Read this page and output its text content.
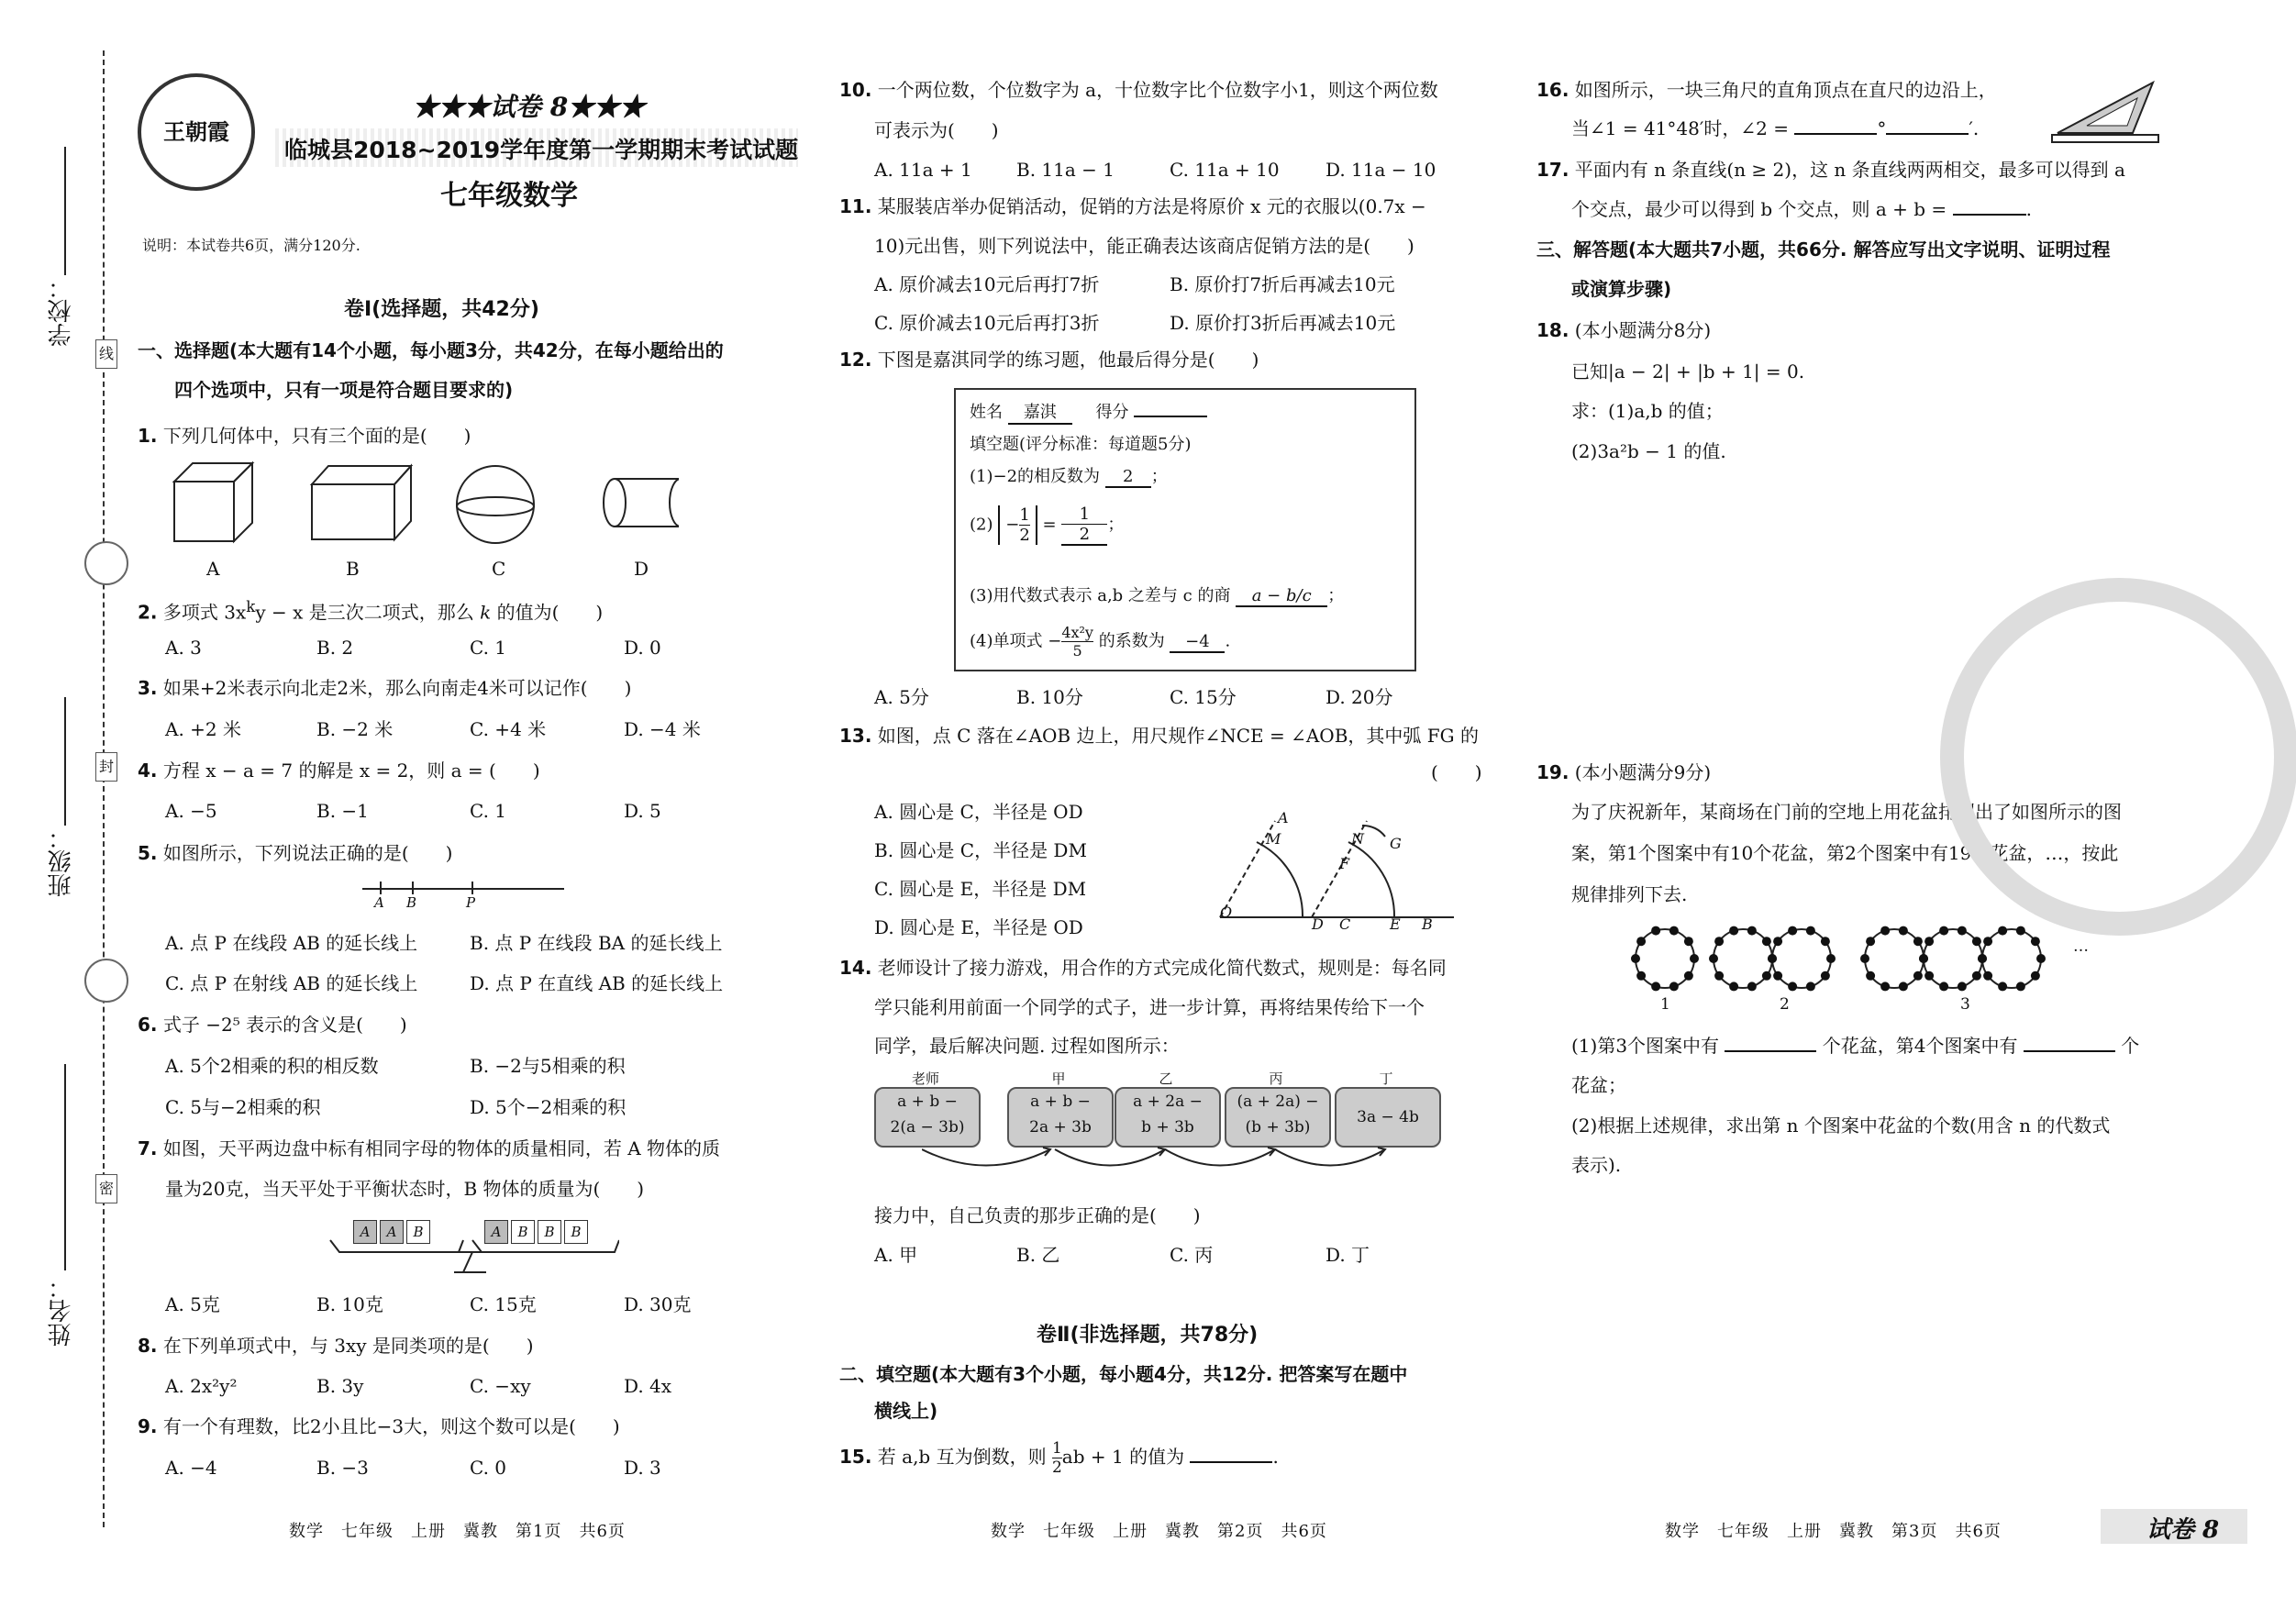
学校：
班级：
姓名：
线
封
密
王朝霞
★★★试卷 8★★★
临城县2018~2019学年度第一学期期末考试试题
七年级数学
说明：本试卷共6页，满分120分.
卷Ⅰ(选择题，共42分)
一、选择题(本大题有14个小题，每小题3分，共42分，在每小题给出的
四个选项中，只有一项是符合题目要求的)
1. 下列几何体中，只有三个面的是(　　)
A	B	C	D
2. 多项式 $3x^ky - x$ 是三次二项式，那么 k 的值为(　　)
A. 3	B. 2	C. 1	D. 0
3. 如果+2米表示向北走2米，那么向南走4米可以记作(　　)
A. +2 米	B. −2 米	C. +4 米	D. −4 米
4. 方程 x − a = 7 的解是 x = 2，则 a = (　　)
A. −5	B. −1	C. 1	D. 5
5. 如图所示，下列说法正确的是(　　)
A B	P
A. 点 P 在线段 AB 的延长线上	B. 点 P 在线段 BA 的延长线上
C. 点 P 在射线 AB 的延长线上	D. 点 P 在直线 AB 的延长线上
6. 式子 −2⁵ 表示的含义是(　　)
A. 5个2相乘的积的相反数	B. −2与5相乘的积
C. 5与−2相乘的积	D. 5个−2相乘的积
7. 如图，天平两边盘中标有相同字母的物体的质量相同，若 A 物体的质
量为20克，当天平处于平衡状态时，B 物体的质量为(　　)
A	A	B	A	B	B	B
A. 5克	B. 10克	C. 15克	D. 30克
8. 在下列单项式中，与 3xy 是同类项的是(　　)
A. 2x²y²	B. 3y	C. −xy	D. 4x
9. 有一个有理数，比2小且比−3大，则这个数可以是(　　)
A. −4	B. −3	C. 0	D. 3
数学　七年级　上册　冀教　第1页　共6页
10. 一个两位数，个位数字为 a，十位数字比个位数字小1，则这个两位数
可表示为(　　)
A. 11a + 1 B. 11a − 1	C. 11a + 10	D. 11a − 10
11. 某服装店举办促销活动，促销的方法是将原价 x 元的衣服以(0.7x −
10)元出售，则下列说法中，能正确表达该商店促销方法的是(　　)
A. 原价减去10元后再打7折	B. 原价打7折后再减去10元
C. 原价减去10元后再打3折	D. 原价打3折后再减去10元
12. 下图是嘉淇同学的练习题，他最后得分是(　　)
姓名 嘉淇 得分
填空题(评分标准：每道题5分)
(1)−2的相反数为 2 ；
$(2) - \frac{1}{2} = \frac{1}{2}$ ；
(3)用代数式表示 a,b 之差与 c 的商 a − b/c ；
(4)单项式 − $\frac{\text{4x²y}}{5}$ 的系数为 −4 .
A. 5分	B. 10分	C. 15分	D. 20分
13. 如图，点 C 落在∠AOB 边上，用尺规作∠NCE = ∠AOB，其中弧 FG 的
(　　)
A. 圆心是 C，半径是 OD
B. 圆心是 C，半径是 DM
C. 圆心是 E，半径是 DM
D. 圆心是 E，半径是 OD
O
A
M	N G
F
D C	E B
14. 老师设计了接力游戏，用合作的方式完成化简代数式，规则是：每名同
学只能利用前面一个同学的式子，进一步计算，再将结果传给下一个
同学，最后解决问题. 过程如图所示：
老师	甲	乙	丙	丁
a + b −
2(a − 3b)
a + b −
2a + 3b
a + 2a −
b + 3b
(a + 2a) −
(b + 3b)
3a − 4b
接力中，自己负责的那步正确的是(　　)
A. 甲	B. 乙	C. 丙	D. 丁
卷Ⅱ(非选择题，共78分)
二、填空题(本大题有3个小题，每小题4分，共12分. 把答案写在题中
横线上)
15. 若 a,b 互为倒数，则 $\frac{1}{2}$ ab + 1 的值为	.
数学　七年级　上册　冀教　第2页　共6页
16. 如图所示，一块三角尺的直角顶点在直尺的边沿上，
当∠1 = 41°48′时，∠2 =	°	′.
17. 平面内有 n 条直线(n ≥ 2)，这 n 条直线两两相交，最多可以得到 a
个交点，最少可以得到 b 个交点，则 a + b =	.
三、解答题(本大题共7小题，共66分. 解答应写出文字说明、证明过程
或演算步骤)
18. (本小题满分8分)
已知|a − 2| + |b + 1| = 0.
求：(1)a,b 的值；
(2)3a²b − 1 的值.
19. (本小题满分9分)
为了庆祝新年，某商场在门前的空地上用花盆排列出了如图所示的图
案，第1个图案中有10个花盆，第2个图案中有19个花盆，…，按此
规律排列下去.
1	2	3
…
(1)第3个图案中有	个花盆，第4个图案中有	个
花盆；
(2)根据上述规律，求出第 n 个图案中花盆的个数(用含 n 的代数式
表示).
数学　七年级　上册　冀教　第3页　共6页	试卷 8
